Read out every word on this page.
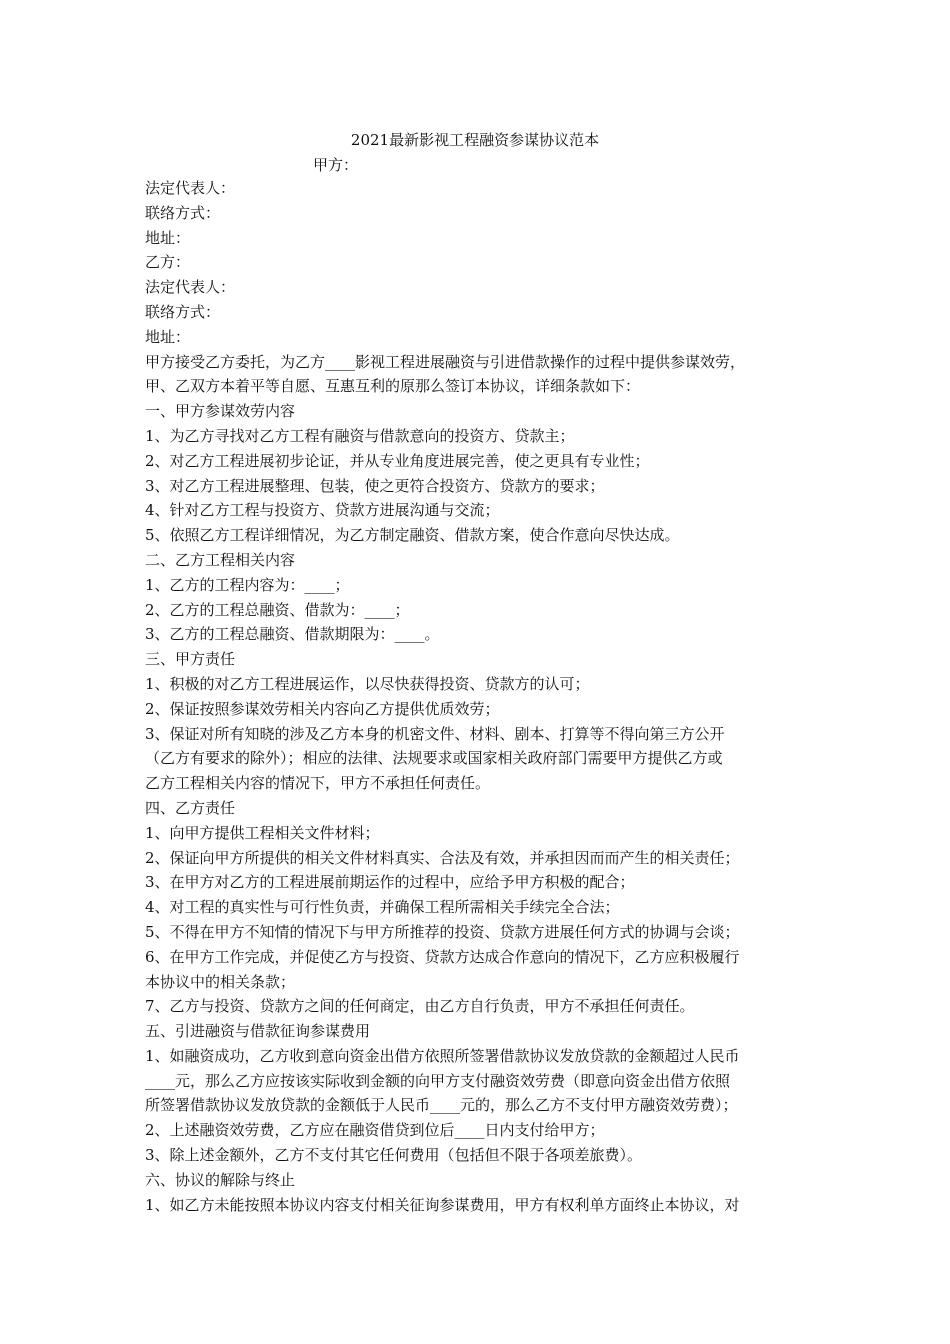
2021最新影视工程融资参谋协议范本
甲方：

法定代表人：

联络方式：

地址：

乙方：

法定代表人：

联络方式：

地址：

甲方接受乙方委托，为乙方____影视工程进展融资与引进借款操作的过程中提供参谋效劳，

甲、乙双方本着平等自愿、互惠互利的原那么签订本协议，详细条款如下：

一、甲方参谋效劳内容

1、为乙方寻找对乙方工程有融资与借款意向的投资方、贷款主；

2、对乙方工程进展初步论证，并从专业角度进展完善，使之更具有专业性；

3、对乙方工程进展整理、包装，使之更符合投资方、贷款方的要求；

4、针对乙方工程与投资方、贷款方进展沟通与交流；

5、依照乙方工程详细情况，为乙方制定融资、借款方案，使合作意向尽快达成。

二、乙方工程相关内容

1、乙方的工程内容为：____；

2、乙方的工程总融资、借款为：____；

3、乙方的工程总融资、借款期限为：____。

三、甲方责任

1、积极的对乙方工程进展运作，以尽快获得投资、贷款方的认可；

2、保证按照参谋效劳相关内容向乙方提供优质效劳；

3、保证对所有知晓的涉及乙方本身的机密文件、材料、剧本、打算等不得向第三方公开

（乙方有要求的除外）；相应的法律、法规要求或国家相关政府部门需要甲方提供乙方或

乙方工程相关内容的情况下，甲方不承担任何责任。

四、乙方责任

1、向甲方提供工程相关文件材料；

2、保证向甲方所提供的相关文件材料真实、合法及有效，并承担因而而产生的相关责任；

3、在甲方对乙方的工程进展前期运作的过程中，应给予甲方积极的配合；

4、对工程的真实性与可行性负责，并确保工程所需相关手续完全合法；

5、不得在甲方不知情的情况下与甲方所推荐的投资、贷款方进展任何方式的协调与会谈；

6、在甲方工作完成，并促使乙方与投资、贷款方达成合作意向的情况下，乙方应积极履行

本协议中的相关条款；

7、乙方与投资、贷款方之间的任何商定，由乙方自行负责，甲方不承担任何责任。

五、引进融资与借款征询参谋费用

1、如融资成功，乙方收到意向资金出借方依照所签署借款协议发放贷款的金额超过人民币

____元，那么乙方应按该实际收到金额的向甲方支付融资效劳费（即意向资金出借方依照

所签署借款协议发放贷款的金额低于人民币____元的，那么乙方不支付甲方融资效劳费）；

2、上述融资效劳费，乙方应在融资借贷到位后____日内支付给甲方；

3、除上述金额外，乙方不支付其它任何费用（包括但不限于各项差旅费）。

六、协议的解除与终止

1、如乙方未能按照本协议内容支付相关征询参谋费用，甲方有权利单方面终止本协议，对
